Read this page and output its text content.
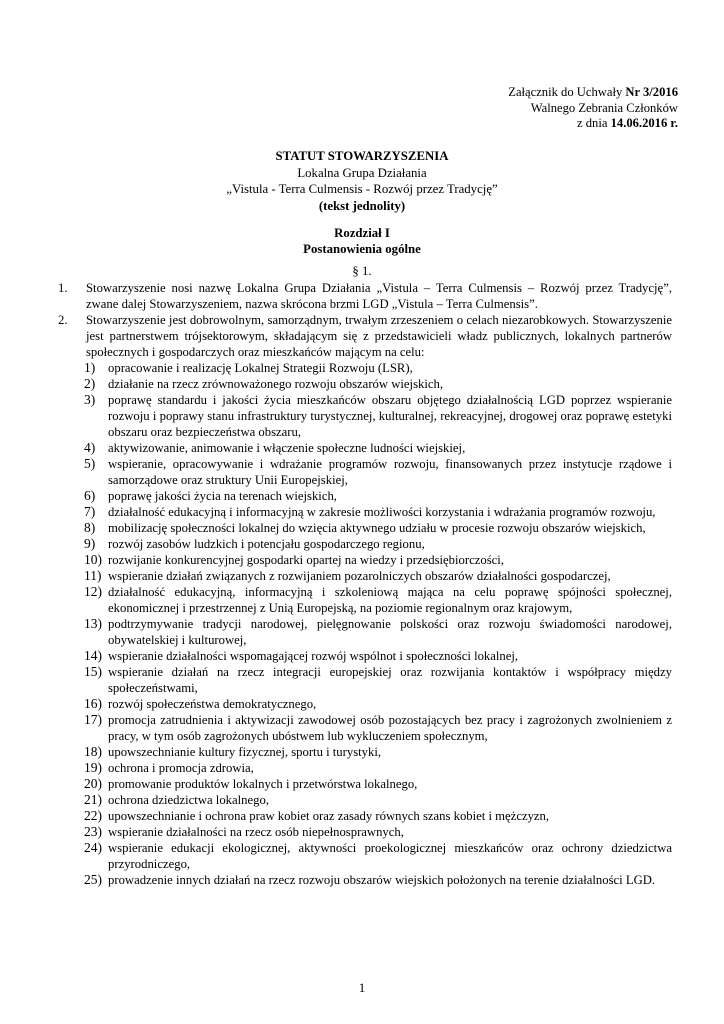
Załącznik do Uchwały Nr 3/2016
Walnego Zebrania Członków
z dnia 14.06.2016 r.
STATUT STOWARZYSZENIA
Lokalna Grupa Działania
„Vistula - Terra Culmensis - Rozwój przez Tradycję”
(tekst jednolity)
Rozdział I
Postanowienia ogólne
§ 1.
1.	Stowarzyszenie nosi nazwę Lokalna Grupa Działania „Vistula – Terra Culmensis – Rozwój przez Tradycję”, zwane dalej Stowarzyszeniem, nazwa skrócona brzmi LGD „Vistula – Terra Culmensis”.
2.	Stowarzyszenie jest dobrowolnym, samorządnym, trwałym zrzeszeniem o celach niezarobkowych. Stowarzyszenie jest partnerstwem trójsektorowym, składającym się z przedstawicieli władz publicznych, lokalnych partnerów społecznych i gospodarczych oraz mieszkańców mającym na celu:
1)	opracowanie i realizację Lokalnej Strategii Rozwoju (LSR),
2)	działanie na rzecz zrównoważonego rozwoju obszarów wiejskich,
3)	poprawę standardu i jakości życia mieszkańców obszaru objętego działalnością LGD poprzez wspieranie rozwoju i poprawy stanu infrastruktury turystycznej, kulturalnej, rekreacyjnej, drogowej oraz poprawę estetyki obszaru oraz bezpieczeństwa obszaru,
4)	aktywizowanie, animowanie i włączenie społeczne ludności wiejskiej,
5)	wspieranie, opracowywanie i wdrażanie programów rozwoju, finansowanych przez instytucje rządowe i samorządowe oraz struktury Unii Europejskiej,
6)	poprawę jakości życia na terenach wiejskich,
7)	działalność edukacyjną i informacyjną w zakresie możliwości korzystania i wdrażania programów rozwoju,
8)	mobilizację społeczności lokalnej do wzięcia aktywnego udziału w procesie rozwoju obszarów wiejskich,
9)	rozwój zasobów ludzkich i potencjału gospodarczego regionu,
10) rozwijanie konkurencyjnej gospodarki opartej na wiedzy i przedsiębiorczości,
11) wspieranie działań związanych z rozwijaniem pozarolniczych obszarów działalności gospodarczej,
12) działalność edukacyjną, informacyjną i szkoleniową mająca na celu poprawę spójności społecznej, ekonomicznej i przestrzennej z Unią Europejską, na poziomie regionalnym oraz krajowym,
13) podtrzymywanie tradycji narodowej, pielęgnowanie polskości oraz rozwoju świadomości narodowej, obywatelskiej i kulturowej,
14) wspieranie działalności wspomagającej rozwój wspólnot i społeczności lokalnej,
15) wspieranie działań na rzecz integracji europejskiej oraz rozwijania kontaktów i współpracy między społeczeństwami,
16) rozwój społeczeństwa demokratycznego,
17) promocja zatrudnienia i aktywizacji zawodowej osób pozostających bez pracy i zagrożonych zwolnieniem z pracy, w tym osób zagrożonych ubóstwem lub wykluczeniem społecznym,
18) upowszechnianie kultury fizycznej, sportu i turystyki,
19) ochrona i promocja zdrowia,
20) promowanie produktów lokalnych i przetwórstwa lokalnego,
21) ochrona dziedzictwa lokalnego,
22) upowszechnianie i ochrona praw kobiet oraz zasady równych szans kobiet i mężczyzn,
23) wspieranie działalności na rzecz osób niepełnosprawnych,
24) wspieranie edukacji ekologicznej, aktywności proekologicznej mieszkańców oraz ochrony dziedzictwa przyrodniczego,
25) prowadzenie innych działań na rzecz rozwoju obszarów wiejskich położonych na terenie działalności LGD.
1
